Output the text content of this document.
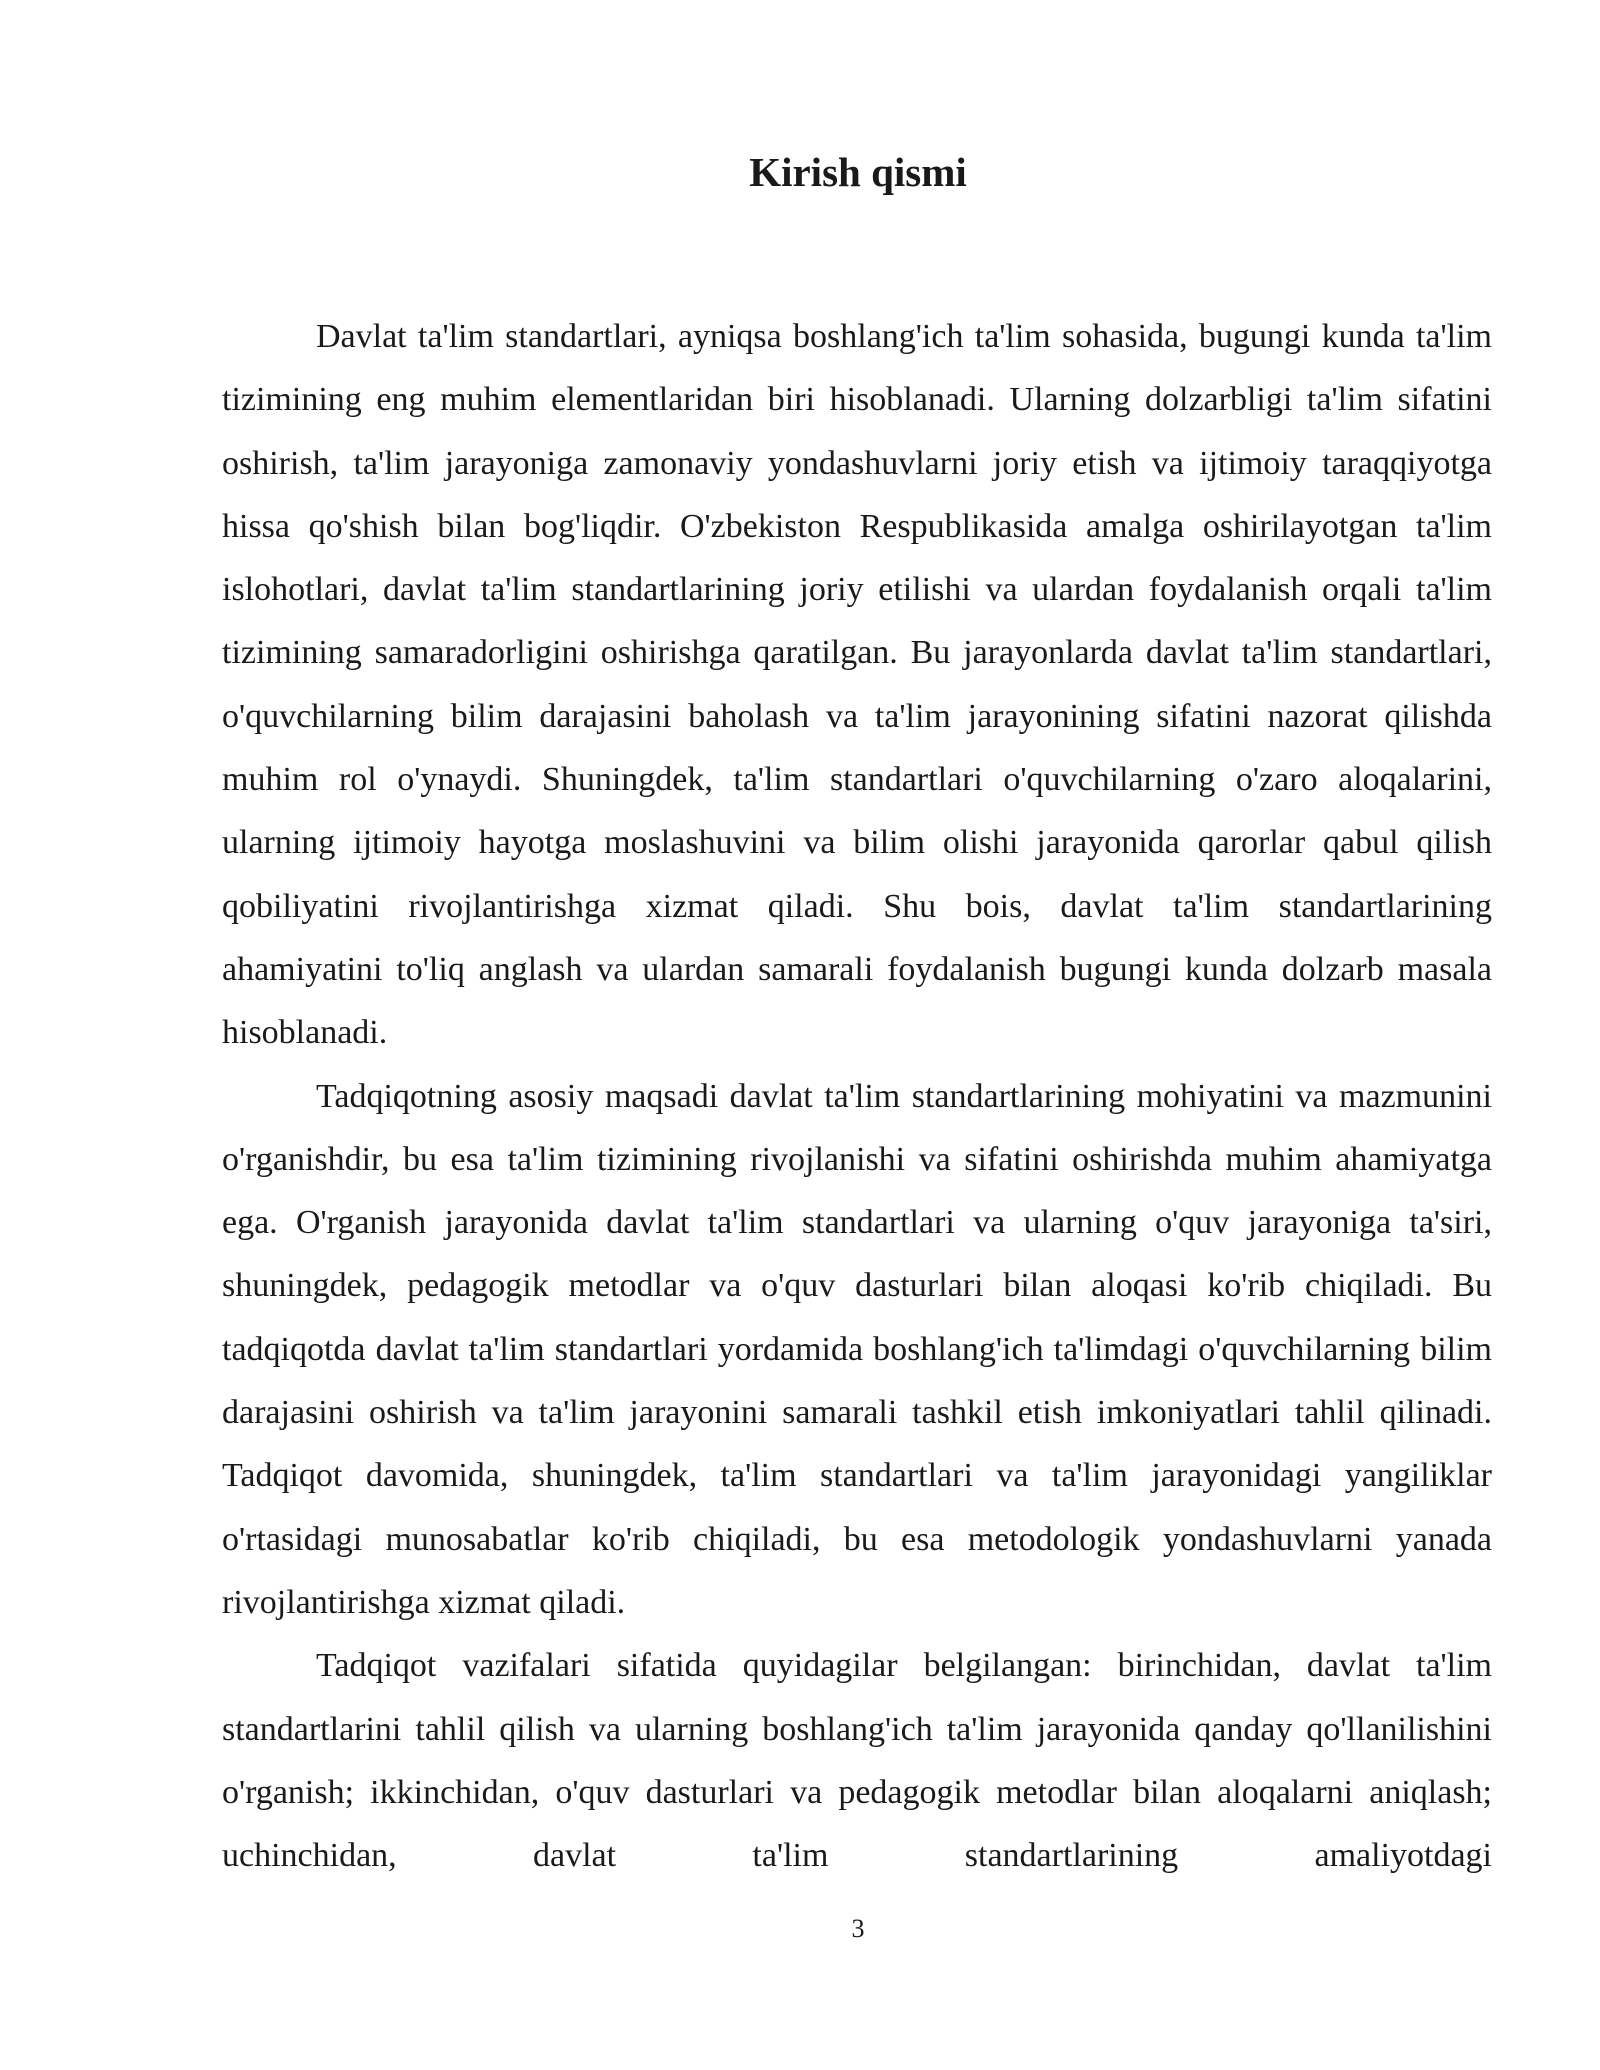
Kirish qismi

Davlat ta'lim standartlari, ayniqsa boshlang'ich ta'lim sohasida, bugungi kunda ta'lim tizimining eng muhim elementlaridan biri hisoblanadi. Ularning dolzarbligi ta'lim sifatini oshirish, ta'lim jarayoniga zamonaviy yondashuvlarni joriy etish va ijtimoiy taraqqiyotga hissa qo'shish bilan bog'liqdir. O'zbekiston Respublikasida amalga oshirilayotgan ta'lim islohotlari, davlat ta'lim standartlarining joriy etilishi va ulardan foydalanish orqali ta'lim tizimining samaradorligini oshirishga qaratilgan. Bu jarayonlarda davlat ta'lim standartlari, o'quvchilarning bilim darajasini baholash va ta'lim jarayonining sifatini nazorat qilishda muhim rol o'ynaydi. Shuningdek, ta'lim standartlari o'quvchilarning o'zaro aloqalarini, ularning ijtimoiy hayotga moslashuvini va bilim olishi jarayonida qarorlar qabul qilish qobiliyatini rivojlantirishga xizmat qiladi. Shu bois, davlat ta'lim standartlarining ahamiyatini to'liq anglash va ulardan samarali foydalanish bugungi kunda dolzarb masala hisoblanadi.

Tadqiqotning asosiy maqsadi davlat ta'lim standartlarining mohiyatini va mazmunini o'rganishdir, bu esa ta'lim tizimining rivojlanishi va sifatini oshirishda muhim ahamiyatga ega. O'rganish jarayonida davlat ta'lim standartlari va ularning o'quv jarayoniga ta'siri, shuningdek, pedagogik metodlar va o'quv dasturlari bilan aloqasi ko'rib chiqiladi. Bu tadqiqotda davlat ta'lim standartlari yordamida boshlang'ich ta'limdagi o'quvchilarning bilim darajasini oshirish va ta'lim jarayonini samarali tashkil etish imkoniyatlari tahlil qilinadi. Tadqiqot davomida, shuningdek, ta'lim standartlari va ta'lim jarayonidagi yangiliklar o'rtasidagi munosabatlar ko'rib chiqiladi, bu esa metodologik yondashuvlarni yanada rivojlantirishga xizmat qiladi.

Tadqiqot vazifalari sifatida quyidagilar belgilangan: birinchidan, davlat ta'lim standartlarini tahlil qilish va ularning boshlang'ich ta'lim jarayonida qanday qo'llanilishini o'rganish; ikkinchidan, o'quv dasturlari va pedagogik metodlar bilan aloqalarni aniqlash; uchinchidan, davlat ta'lim standartlarining amaliyotdagi

3
